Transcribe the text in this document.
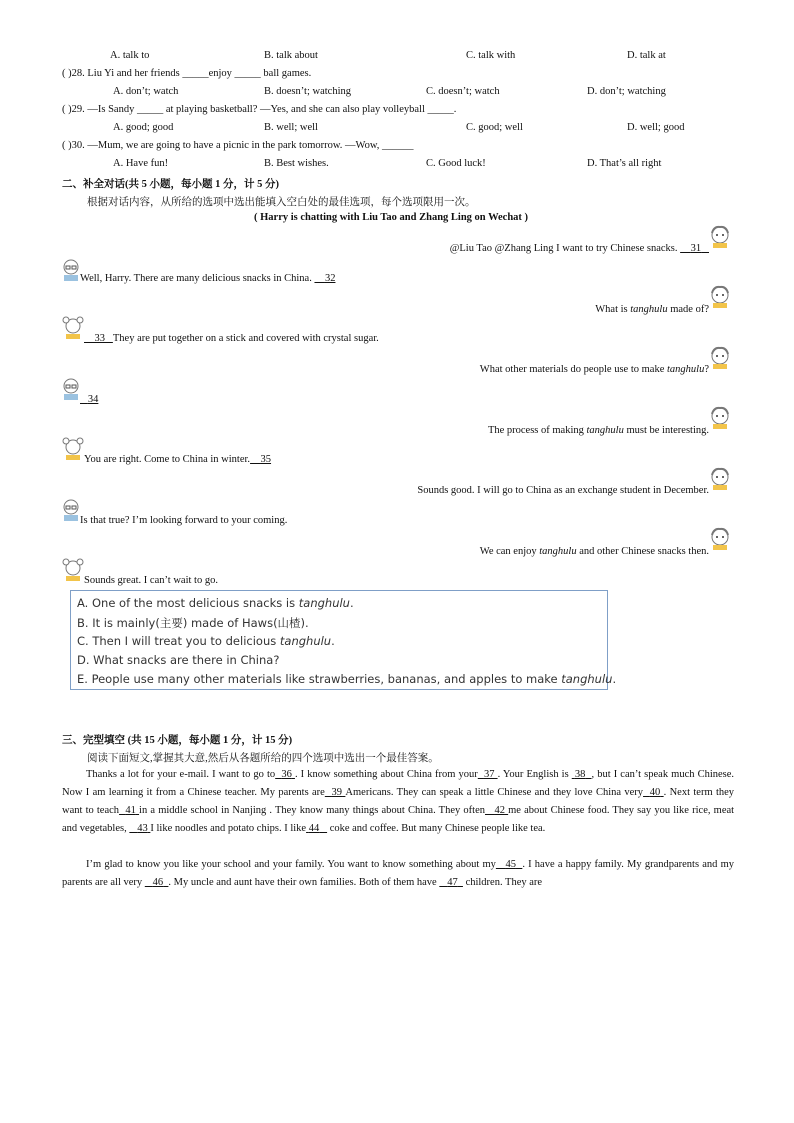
A. talk to	B. talk about	C. talk with	D. talk at
( )28. Liu Yi and her friends _____enjoy _____ ball games.
A. don’t; watch	B. doesn’t; watching	C. doesn’t; watch	D. don’t; watching
( )29. —Is Sandy _____ at playing basketball? —Yes, and she can also play volleyball _____.
A. good; good	B. well; well	C. good; well	D. well; good
( )30. —Mum, we are going to have a picnic in the park tomorrow. —Wow, ______
A. Have fun!	B. Best wishes.	C. Good luck!	D. That’s all right
二、补全对话(共 5 小题，每小题 1 分，计 5 分)
根据对话内容，从所给的选项中选出能填入空白处的最佳选项，每个选项限用一次。
( Harry is chatting with Liu Tao and Zhang Ling on Wechat )
@Liu Tao @Zhang Ling I want to try Chinese snacks. 31
Well, Harry. There are many delicious snacks in China. 32
What is tanghulu made of?
33 They are put together on a stick and covered with crystal sugar.
What other materials do people use to make tanghulu?
34
The process of making tanghulu must be interesting.
You are right. Come to China in winter. 35
Sounds good. I will go to China as an exchange student in December.
Is that true? I’m looking forward to your coming.
We can enjoy tanghulu and other Chinese snacks then.
Sounds great. I can’t wait to go.
A. One of the most delicious snacks is tanghulu.
B. It is mainly(主要) made of Haws(山楂).
C. Then I will treat you to delicious tanghulu.
D. What snacks are there in China?
E. People use many other materials like strawberries, bananas, and apples to make tanghulu.
三、完型填空 (共 15 小题，每小题 1 分，计 15 分)
阅读下面短文,掌握其大意,然后从各题所给的四个选项中选出一个最佳答案。
Thanks a lot for your e-mail. I want to go to 36 . I know something about China from your 37 . Your English is  38 , but I can’t speak much Chinese. Now I am learning it from a Chinese teacher. My parents are 39 Americans. They can speak a little Chinese and they love China very 40 . Next term they want to teach 41 in a middle school in Nanjing . They know many things about China. They often 42 me about Chinese food. They say you like rice, meat and vegetables,    43 I like noodles and potato chips. I like 44    coke and coffee. But many Chinese people like tea.
I’m glad to know you like your school and your family. You want to know something about my 45 . I have a happy family. My grandparents and my parents are all very    46 . My uncle and aunt have their own families. Both of them have    47   children. They are
